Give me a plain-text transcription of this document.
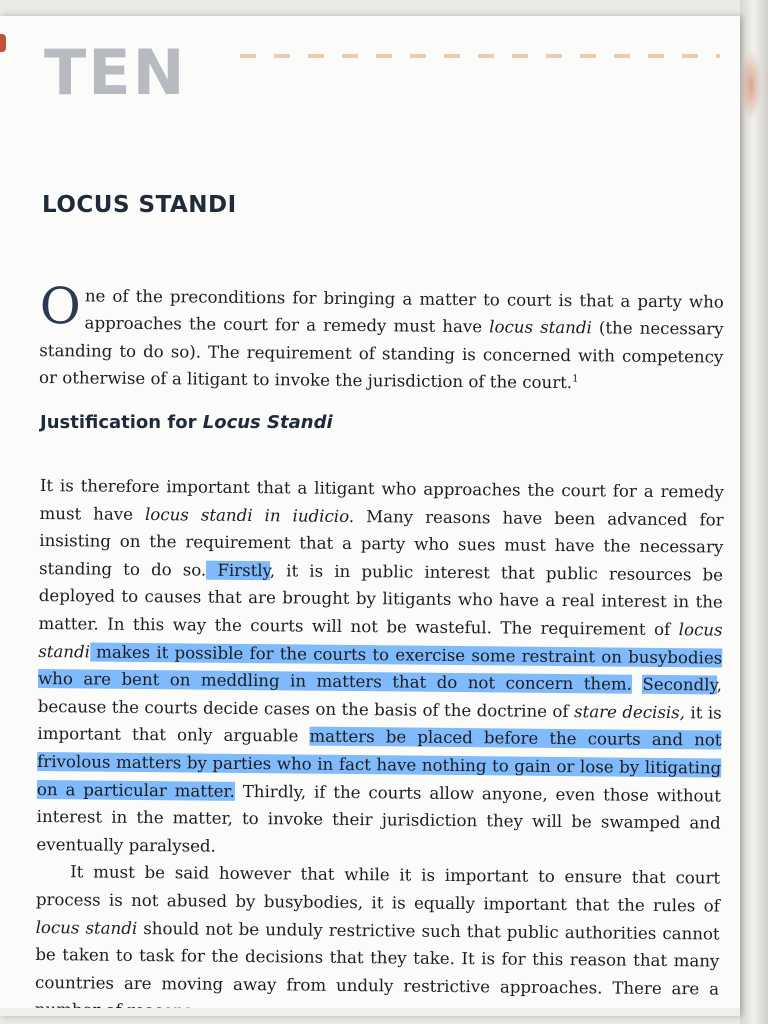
TEN
LOCUS STANDI
One of the preconditions for bringing a matter to court is that a party who approaches the court for a remedy must have locus standi (the necessary standing to do so). The requirement of standing is concerned with competency or otherwise of a litigant to invoke the jurisdiction of the court.$^1$
Justification for Locus Standi

It is therefore important that a litigant who approaches the court for a remedy must have locus standi in iudicio. Many reasons have been advanced for insisting on the requirement that a party who sues must have the necessary standing to do so. Firstly, it is in public interest that public resources be deployed to causes that are brought by litigants who have a real interest in the matter. In this way the courts will not be wasteful. The requirement of locus standi makes it possible for the courts to exercise some restraint on busybodies who are bent on meddling in matters that do not concern them. Secondly, because the courts decide cases on the basis of the doctrine of stare decisis, it is important that only arguable matters be placed before the courts and not frivolous matters by parties who in fact have nothing to gain or lose by litigating on a particular matter. Thirdly, if the courts allow anyone, even those without interest in the matter, to invoke their jurisdiction they will be swamped and eventually paralysed.

It must be said however that while it is important to ensure that court process is not abused by busybodies, it is equally important that the rules of locus standi should not be unduly restrictive such that public authorities cannot be taken to task for the decisions that they take. It is for this reason that many countries are moving away from unduly restrictive approaches. There are a
